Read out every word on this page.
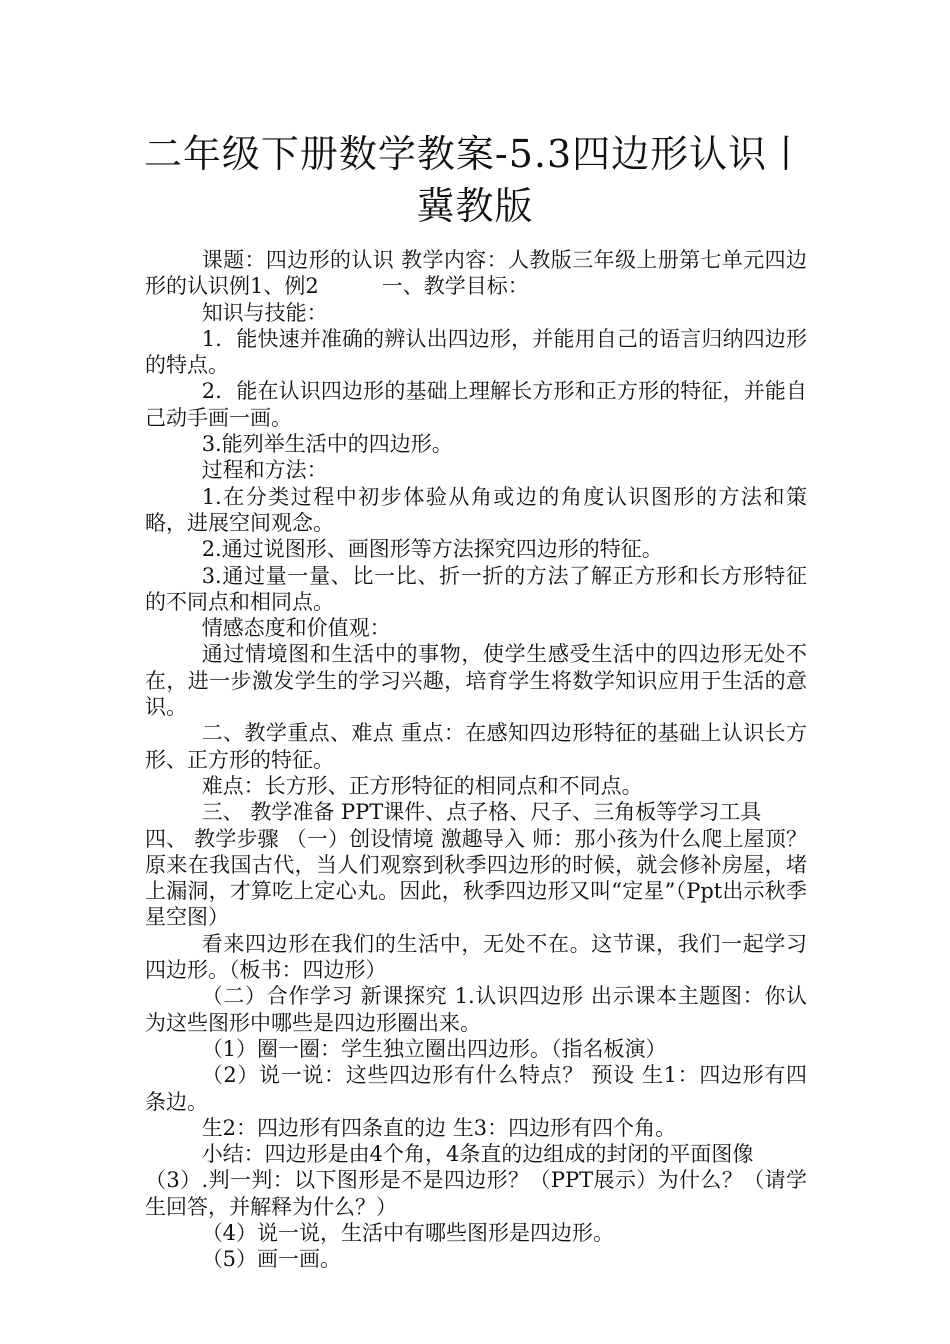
二年级下册数学教案-5.3四边形认识丨冀教版

课题：四边形的认识 教学内容：人教版三年级上册第七单元四边形的认识例1、例2　　　一、教学目标：

知识与技能：

1．能快速并准确的辨认出四边形，并能用自己的语言归纳四边形的特点。

2．能在认识四边形的基础上理解长方形和正方形的特征，并能自己动手画一画。

3.能列举生活中的四边形。

过程和方法：

1.在分类过程中初步体验从角或边的角度认识图形的方法和策略，进展空间观念。

2.通过说图形、画图形等方法探究四边形的特征。

3.通过量一量、比一比、折一折的方法了解正方形和长方形特征的不同点和相同点。

情感态度和价值观：

通过情境图和生活中的事物，使学生感受生活中的四边形无处不在，进一步激发学生的学习兴趣，培育学生将数学知识应用于生活的意识。

二、教学重点、难点 重点：在感知四边形特征的基础上认识长方形、正方形的特征。

难点：长方形、正方形特征的相同点和不同点。

三、 教学准备 PPT课件、点子格、尺子、三角板等学习工具

四、 教学步骤 （一）创设情境 激趣导入 师：那小孩为什么爬上屋顶？原来在我国古代，当人们观察到秋季四边形的时候，就会修补房屋，堵上漏洞，才算吃上定心丸。因此，秋季四边形又叫“定星”（Ppt出示秋季星空图）

看来四边形在我们的生活中，无处不在。这节课，我们一起学习四边形。（板书：四边形）

（二）合作学习 新课探究 1.认识四边形 出示课本主题图：你认为这些图形中哪些是四边形圈出来。

（1）圈一圈：学生独立圈出四边形。（指名板演）

（2）说一说：这些四边形有什么特点？ 预设 生1：四边形有四条边。

生2：四边形有四条直的边 生3：四边形有四个角。

小结：四边形是由4个角，4条直的边组成的封闭的平面图像

（3）.判一判：以下图形是不是四边形？（PPT展示）为什么？（请学生回答，并解释为什么？）

（4）说一说，生活中有哪些图形是四边形。

（5）画一画。
